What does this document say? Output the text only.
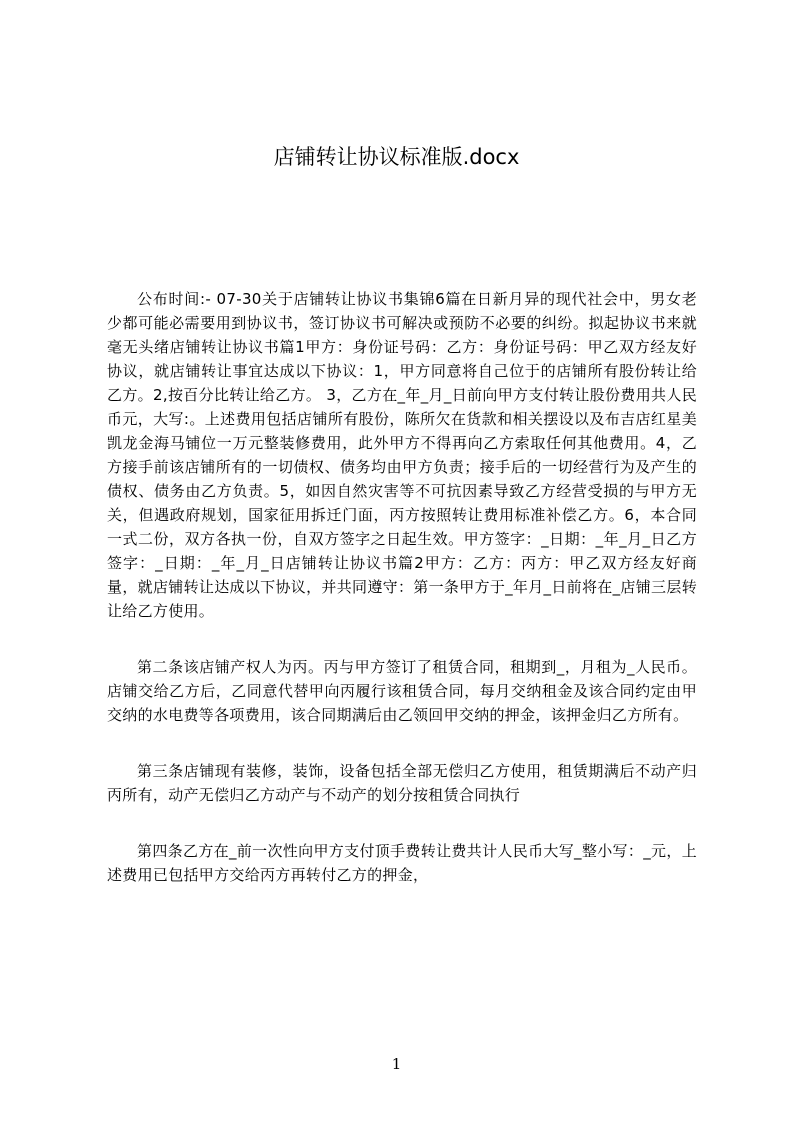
店铺转让协议标准版.docx

公布时间:- 07-30关于店铺转让协议书集锦6篇在日新月异的现代社会中，男女老少都可能必需要用到协议书，签订协议书可解决或预防不必要的纠纷。拟起协议书来就毫无头绪店铺转让协议书篇1甲方：身份证号码：乙方：身份证号码：甲乙双方经友好协议，就店铺转让事宜达成以下协议：1，甲方同意将自己位于的店铺所有股份转让给乙方。2,按百分比转让给乙方。 3，乙方在_年_月_日前向甲方支付转让股份费用共人民币元，大写:。上述费用包括店铺所有股份，陈所欠在货款和相关摆设以及布吉店红星美凯龙金海马铺位一万元整装修费用，此外甲方不得再向乙方索取任何其他费用。4，乙方接手前该店铺所有的一切债权、债务均由甲方负责；接手后的一切经营行为及产生的债权、债务由乙方负责。5，如因自然灾害等不可抗因素导致乙方经营受损的与甲方无关，但遇政府规划，国家征用拆迁门面，丙方按照转让费用标准补偿乙方。6，本合同一式二份，双方各执一份，自双方签字之日起生效。甲方签字：_日期：_年_月_日乙方签字：_日期：_年_月_日店铺转让协议书篇2甲方：乙方：丙方：甲乙双方经友好商量，就店铺转让达成以下协议，并共同遵守：第一条甲方于_年月_日前将在_店铺三层转让给乙方使用。

第二条该店铺产权人为丙。丙与甲方签订了租赁合同，租期到_，月租为_人民币。店铺交给乙方后，乙同意代替甲向丙履行该租赁合同，每月交纳租金及该合同约定由甲交纳的水电费等各项费用，该合同期满后由乙领回甲交纳的押金，该押金归乙方所有。

第三条店铺现有装修，装饰，设备包括全部无偿归乙方使用，租赁期满后不动产归丙所有，动产无偿归乙方动产与不动产的划分按租赁合同执行

第四条乙方在_前一次性向甲方支付顶手费转让费共计人民币大写_整小写：_元，上述费用已包括甲方交给丙方再转付乙方的押金，

1
